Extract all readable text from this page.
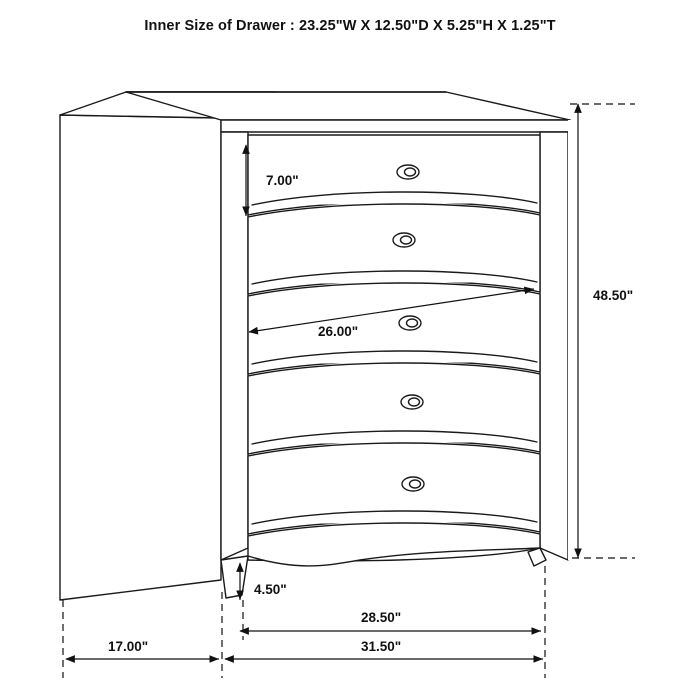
Inner Size of Drawer : 23.25"W X 12.50"D X 5.25"H X 1.25"T
7.00"
48.50"
26.00"
4.50"
28.50"
17.00"	31.50"
